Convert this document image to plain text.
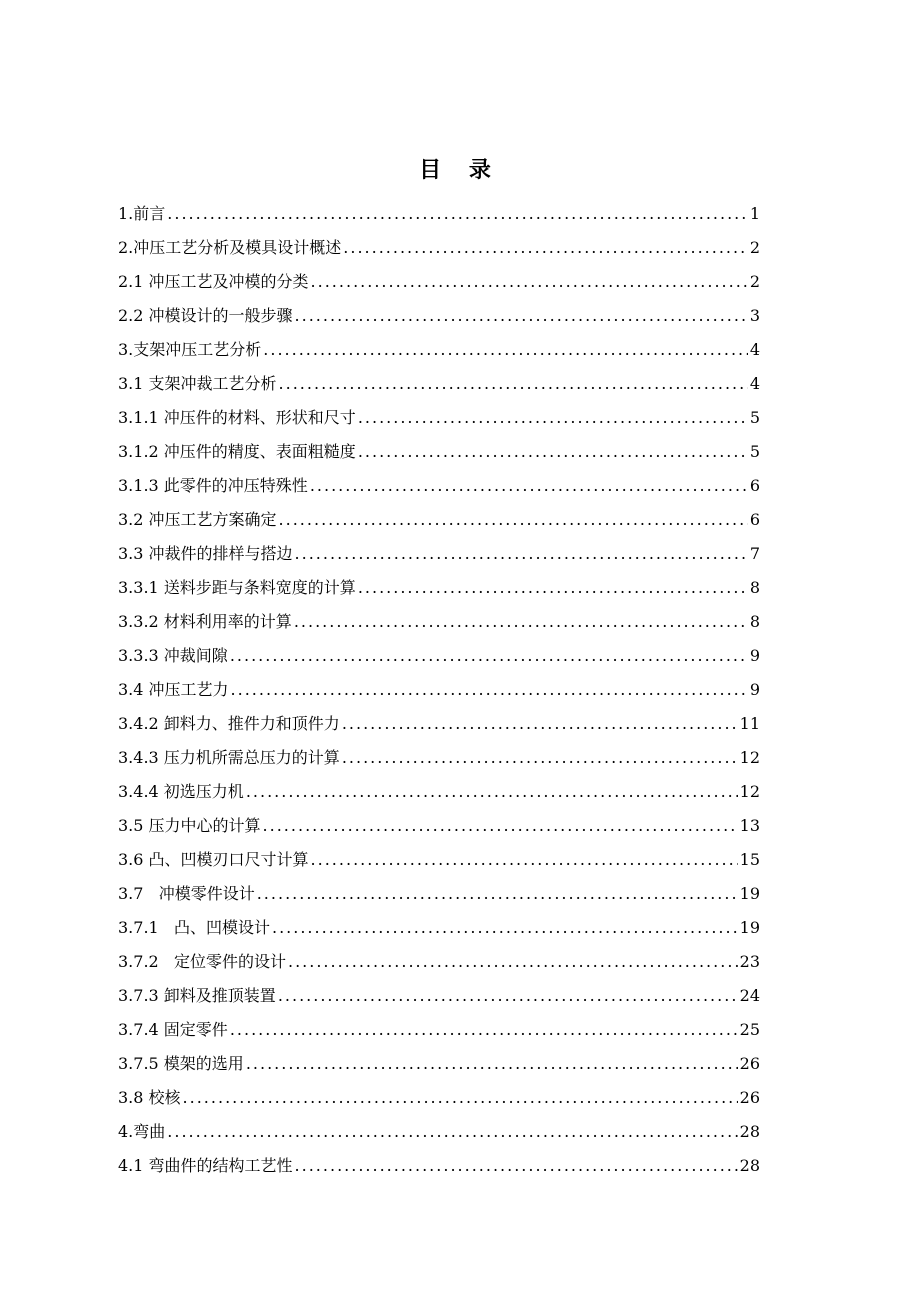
目 录
1.前言 .....	1
2.冲压工艺分析及模具设计概述 .....	2
2.1 冲压工艺及冲模的分类 .....	2
2.2 冲模设计的一般步骤 .....	3
3.支架冲压工艺分析 .....	4
3.1 支架冲裁工艺分析 .....	4
3.1.1 冲压件的材料、形状和尺寸 .....	5
3.1.2 冲压件的精度、表面粗糙度 .....	5
3.1.3 此零件的冲压特殊性 .....	6
3.2 冲压工艺方案确定 .....	6
3.3 冲裁件的排样与搭边 .....	7
3.3.1 送料步距与条料宽度的计算 .....	8
3.3.2 材料利用率的计算 .....	8
3.3.3 冲裁间隙 .....	9
3.4 冲压工艺力 .....	9
3.4.2 卸料力、推件力和顶件力 .....	11
3.4.3 压力机所需总压力的计算 .....	12
3.4.4 初选压力机 .....	12
3.5 压力中心的计算 .....	13
3.6 凸、凹模刃口尺寸计算 .....	15
3.7   冲模零件设计 .....	19
3.7.1   凸、凹模设计 .....	19
3.7.2   定位零件的设计 .....	23
3.7.3 卸料及推顶装置 .....	24
3.7.4 固定零件 .....	25
3.7.5 模架的选用 .....	26
3.8 校核 .....	26
4.弯曲 .....	28
4.1 弯曲件的结构工艺性 .....	28
